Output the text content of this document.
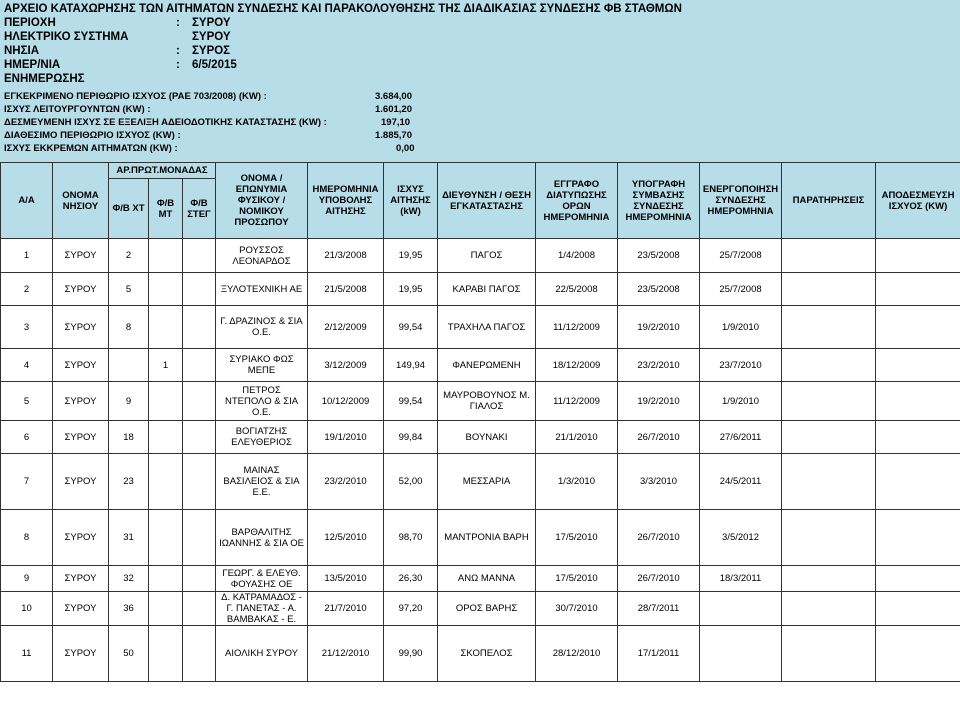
ΑΡΧΕΙΟ ΚΑΤΑΧΩΡΗΣΗΣ ΤΩΝ ΑΙΤΗΜΑΤΩΝ ΣΥΝΔΕΣΗΣ ΚΑΙ ΠΑΡΑΚΟΛΟΥΘΗΣΗΣ ΤΗΣ ΔΙΑΔΙΚΑΣΙΑΣ ΣΥΝΔΕΣΗΣ ΦΒ ΣΤΑΘΜΩΝ
ΠΕΡΙΟΧΗ	: ΣΥΡΟΥ
ΗΛΕΚΤΡΙΚΟ ΣΥΣΤΗΜΑ	ΣΥΡΟΥ
ΝΗΣΙΑ	: ΣΥΡΟΣ
ΗΜΕΡ/ΝΙΑ	: 6/5/2015
ΕΝΗΜΕΡΩΣΗΣ
ΕΓΚΕΚΡΙΜΕΝΟ ΠΕΡΙΘΩΡΙΟ ΙΣΧΥΟΣ (ΡΑΕ 703/2008) (KW) :	3.684,00
ΙΣΧΥΣ ΛΕΙΤΟΥΡΓΟΥΝΤΩΝ (KW) :	1.601,20
ΔΕΣΜΕΥΜΕΝΗ ΙΣΧΥΣ ΣΕ ΕΞΕΛΙΞΗ ΑΔΕΙΟΔΟΤΙΚΗΣ ΚΑΤΑΣΤΑΣΗΣ (KW) :	197,10
ΔΙΑΘΕΣΙΜΟ ΠΕΡΙΘΩΡΙΟ ΙΣΧΥΟΣ (KW) :	1.885,70
ΙΣΧΥΣ ΕΚΚΡΕΜΩΝ ΑΙΤΗΜΑΤΩΝ (KW) :	0,00
Α/Α	ΟΝΟΜΑ ΝΗΣΙΟΥ	ΑΡ.ΠΡΩΤ.ΜΟΝΑΔΑΣ			ΟΝΟΜΑ / ΕΠΩΝΥΜΙΑ ΦΥΣΙΚΟΥ / ΝΟΜΙΚΟΥ ΠΡΟΣΩΠΟΥ	ΗΜΕΡΟΜΗΝΙΑ ΥΠΟΒΟΛΗΣ ΑΙΤΗΣΗΣ	ΙΣΧΥΣ ΑΙΤΗΣΗΣ (kW)	ΔΙΕΥΘΥΝΣΗ / ΘΕΣΗ ΕΓΚΑΤΑΣΤΑΣΗΣ	ΕΓΓΡΑΦΟ ΔΙΑΤΥΠΩΣΗΣ ΟΡΩΝ ΗΜΕΡΟΜΗΝΙΑ	ΥΠΟΓΡΑΦΗ ΣΥΜΒΑΣΗΣ ΣΥΝΔΕΣΗΣ ΗΜΕΡΟΜΗΝΙΑ	ΕΝΕΡΓΟΠΟΙΗΣΗ ΣΥΝΔΕΣΗΣ ΗΜΕΡΟΜΗΝΙΑ	ΠΑΡΑΤΗΡΗΣΕΙΣ	ΑΠΟΔΕΣΜΕΥΣΗ ΙΣΧΥΟΣ (KW)
		Φ/Β ΧΤ	Φ/Β ΜΤ	Φ/Β ΣΤΕΓ									
1	ΣΥΡΟΥ	2			ΡΟΥΣΣΟΣ ΛΕΟΝΑΡΔΟΣ	21/3/2008	19,95	ΠΑΓΟΣ	1/4/2008	23/5/2008	25/7/2008		
2	ΣΥΡΟΥ	5			ΞΥΛΟΤΕΧΝΙΚΗ ΑΕ	21/5/2008	19,95	ΚΑΡΑΒΙ ΠΑΓΟΣ	22/5/2008	23/5/2008	25/7/2008		
3	ΣΥΡΟΥ	8			Γ. ΔΡΑΖΙΝΟΣ & ΣΙΑ Ο.Ε.	2/12/2009	99,54	ΤΡΑΧΗΛΑ ΠΑΓΟΣ	11/12/2009	19/2/2010	1/9/2010		
4	ΣΥΡΟΥ		1		ΣΥΡΙΑΚΟ ΦΩΣ ΜΕΠΕ	3/12/2009	149,94	ΦΑΝΕΡΩΜΕΝΗ	18/12/2009	23/2/2010	23/7/2010		
5	ΣΥΡΟΥ	9			ΠΕΤΡΟΣ ΝΤΕΠΟΛΟ & ΣΙΑ Ο.Ε.	10/12/2009	99,54	ΜΑΥΡΟΒΟΥΝΟΣ Μ. ΓΙΑΛΟΣ	11/12/2009	19/2/2010	1/9/2010		
6	ΣΥΡΟΥ	18			ΒΟΓΙΑΤΖΗΣ ΕΛΕΥΘΕΡΙΟΣ	19/1/2010	99,84	ΒΟΥΝΑΚΙ	21/1/2010	26/7/2010	27/6/2011		
7	ΣΥΡΟΥ	23			ΜΑΙΝΑΣ ΒΑΣΙΛΕΙΟΣ & ΣΙΑ Ε.Ε.	23/2/2010	52,00	ΜΕΣΣΑΡΙΑ	1/3/2010	3/3/2010	24/5/2011		
8	ΣΥΡΟΥ	31			ΒΑΡΘΑΛΙΤΗΣ ΙΩΑΝΝΗΣ & ΣΙΑ ΟΕ	12/5/2010	98,70	ΜΑΝΤΡΟΝΙΑ ΒΑΡΗ	17/5/2010	26/7/2010	3/5/2012		
9	ΣΥΡΟΥ	32			ΓΕΩΡΓ. & ΕΛΕΥΘ. ΦΟΥΑΣΗΣ ΟΕ	13/5/2010	26,30	ΑΝΩ ΜΑΝΝΑ	17/5/2010	26/7/2010	18/3/2011		
10	ΣΥΡΟΥ	36			Δ. ΚΑΤΡΑΜΑΔΟΣ - Γ. ΠΑΝΕΤΑΣ - Α. ΒΑΜΒΑΚΑΣ - Ε.	21/7/2010	97,20	ΟΡΟΣ ΒΑΡΗΣ	30/7/2010	28/7/2011			
11	ΣΥΡΟΥ	50			ΑΙΟΛΙΚΗ ΣΥΡΟΥ	21/12/2010	99,90	ΣΚΟΠΕΛΟΣ	28/12/2010	17/1/2011			
